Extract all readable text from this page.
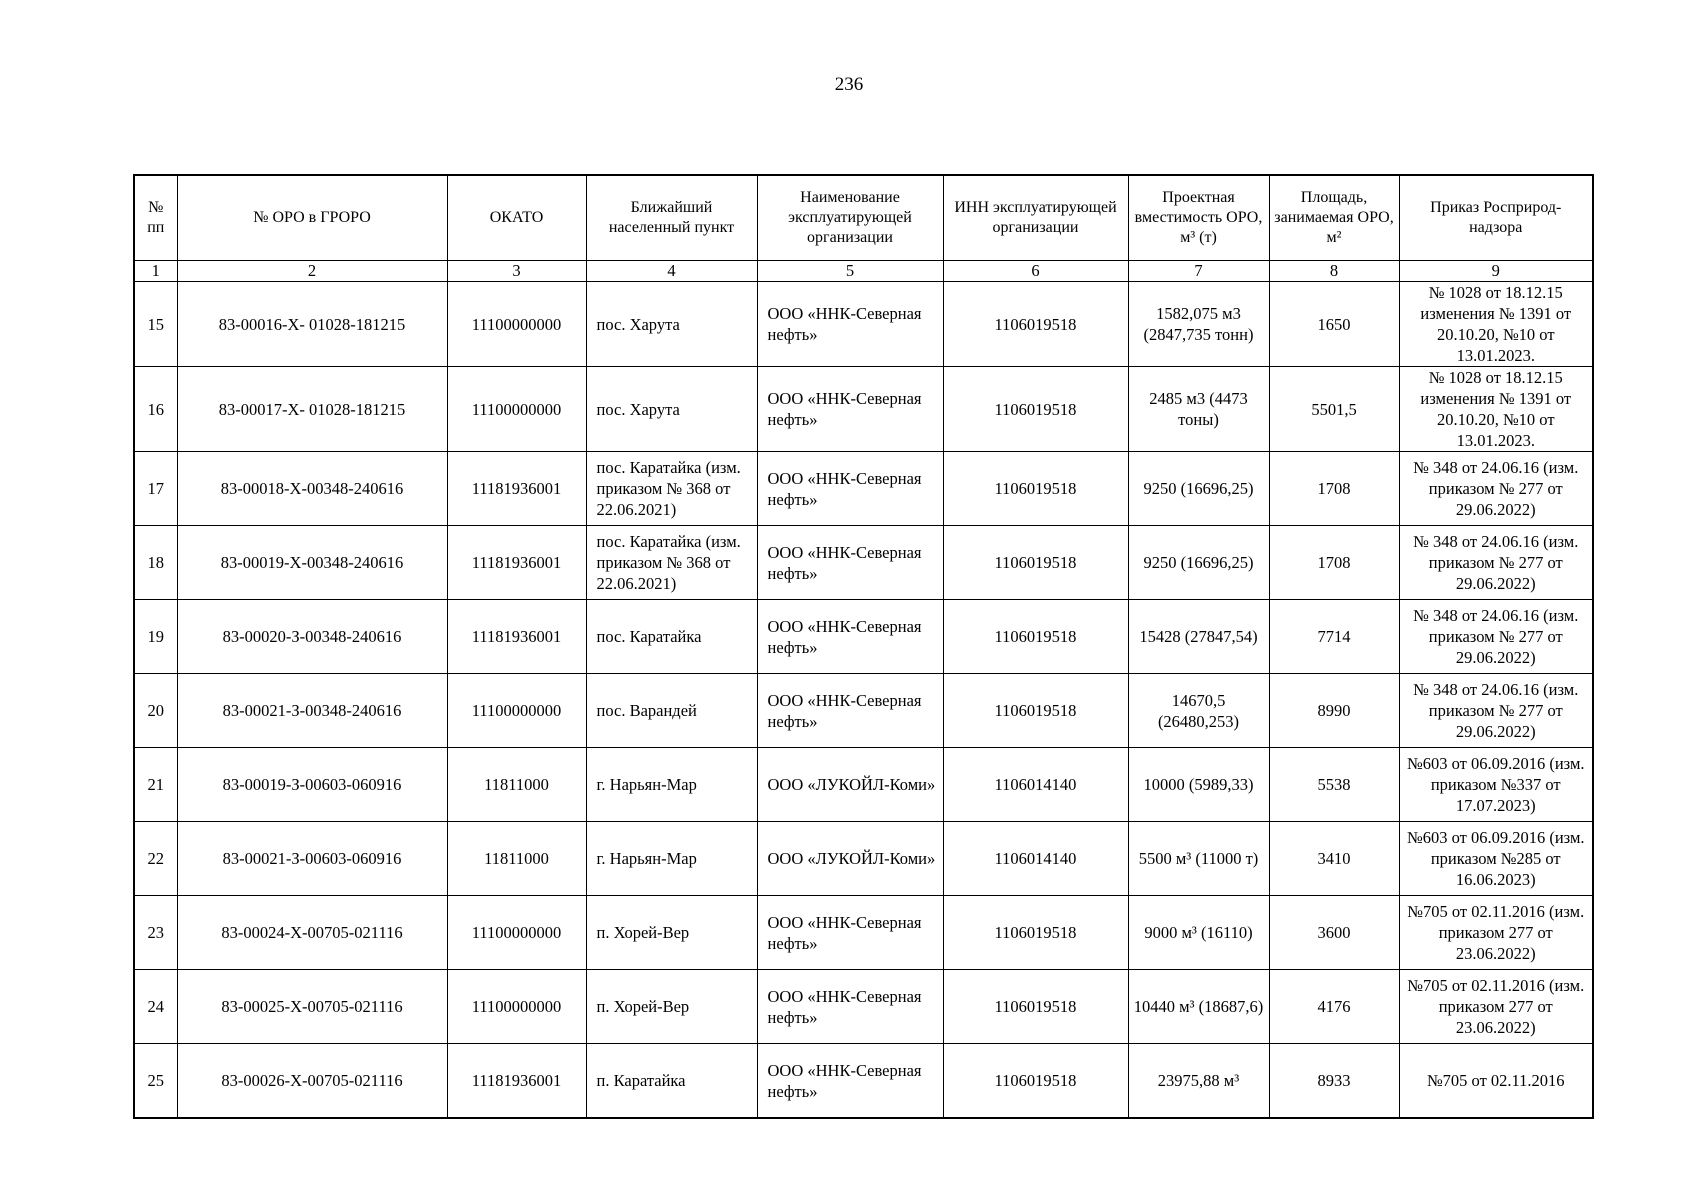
236
№ пп	№ ОРО в ГРОРО	ОКАТО	Ближайший населенный пункт	Наименование эксплуатирующей организации	ИНН эксплуатирующей организации	Проектная вместимость ОРО, м³ (т)	Площадь, занимаемая ОРО, м²	Приказ Росприрод-надзора
1	2	3	4	5	6	7	8	9
15	83-00016-Х- 01028-181215	11100000000	пос. Харута	ООО «ННК-Северная нефть»	1106019518	1582,075 м3 (2847,735 тонн)	1650	№ 1028 от 18.12.15 изменения № 1391 от 20.10.20, №10 от 13.01.2023.
16	83-00017-Х- 01028-181215	11100000000	пос. Харута	ООО «ННК-Северная нефть»	1106019518	2485 м3 (4473 тоны)	5501,5	№ 1028 от 18.12.15 изменения № 1391 от 20.10.20, №10 от 13.01.2023.
17	83-00018-Х-00348-240616	11181936001	пос. Каратайка (изм. приказом № 368 от 22.06.2021)	ООО «ННК-Северная нефть»	1106019518	9250 (16696,25)	1708	№ 348 от 24.06.16 (изм. приказом № 277 от 29.06.2022)
18	83-00019-Х-00348-240616	11181936001	пос. Каратайка (изм. приказом № 368 от 22.06.2021)	ООО «ННК-Северная нефть»	1106019518	9250 (16696,25)	1708	№ 348 от 24.06.16 (изм. приказом № 277 от 29.06.2022)
19	83-00020-З-00348-240616	11181936001	пос. Каратайка	ООО «ННК-Северная нефть»	1106019518	15428 (27847,54)	7714	№ 348 от 24.06.16 (изм. приказом № 277 от 29.06.2022)
20	83-00021-З-00348-240616	11100000000	пос. Варандей	ООО «ННК-Северная нефть»	1106019518	14670,5 (26480,253)	8990	№ 348 от 24.06.16 (изм. приказом № 277 от 29.06.2022)
21	83-00019-З-00603-060916	11811000	г. Нарьян-Мар	ООО «ЛУКОЙЛ-Коми»	1106014140	10000 (5989,33)	5538	№603 от 06.09.2016 (изм. приказом №337 от 17.07.2023)
22	83-00021-З-00603-060916	11811000	г. Нарьян-Мар	ООО «ЛУКОЙЛ-Коми»	1106014140	5500 м³ (11000 т)	3410	№603 от 06.09.2016 (изм. приказом №285 от 16.06.2023)
23	83-00024-Х-00705-021116	11100000000	п. Хорей-Вер	ООО «ННК-Северная нефть»	1106019518	9000 м³ (16110)	3600	№705 от 02.11.2016 (изм. приказом 277 от 23.06.2022)
24	83-00025-Х-00705-021116	11100000000	п. Хорей-Вер	ООО «ННК-Северная нефть»	1106019518	10440 м³ (18687,6)	4176	№705 от 02.11.2016 (изм. приказом 277 от 23.06.2022)
25	83-00026-Х-00705-021116	11181936001	п. Каратайка	ООО «ННК-Северная нефть»	1106019518	23975,88 м³	8933	№705 от 02.11.2016
